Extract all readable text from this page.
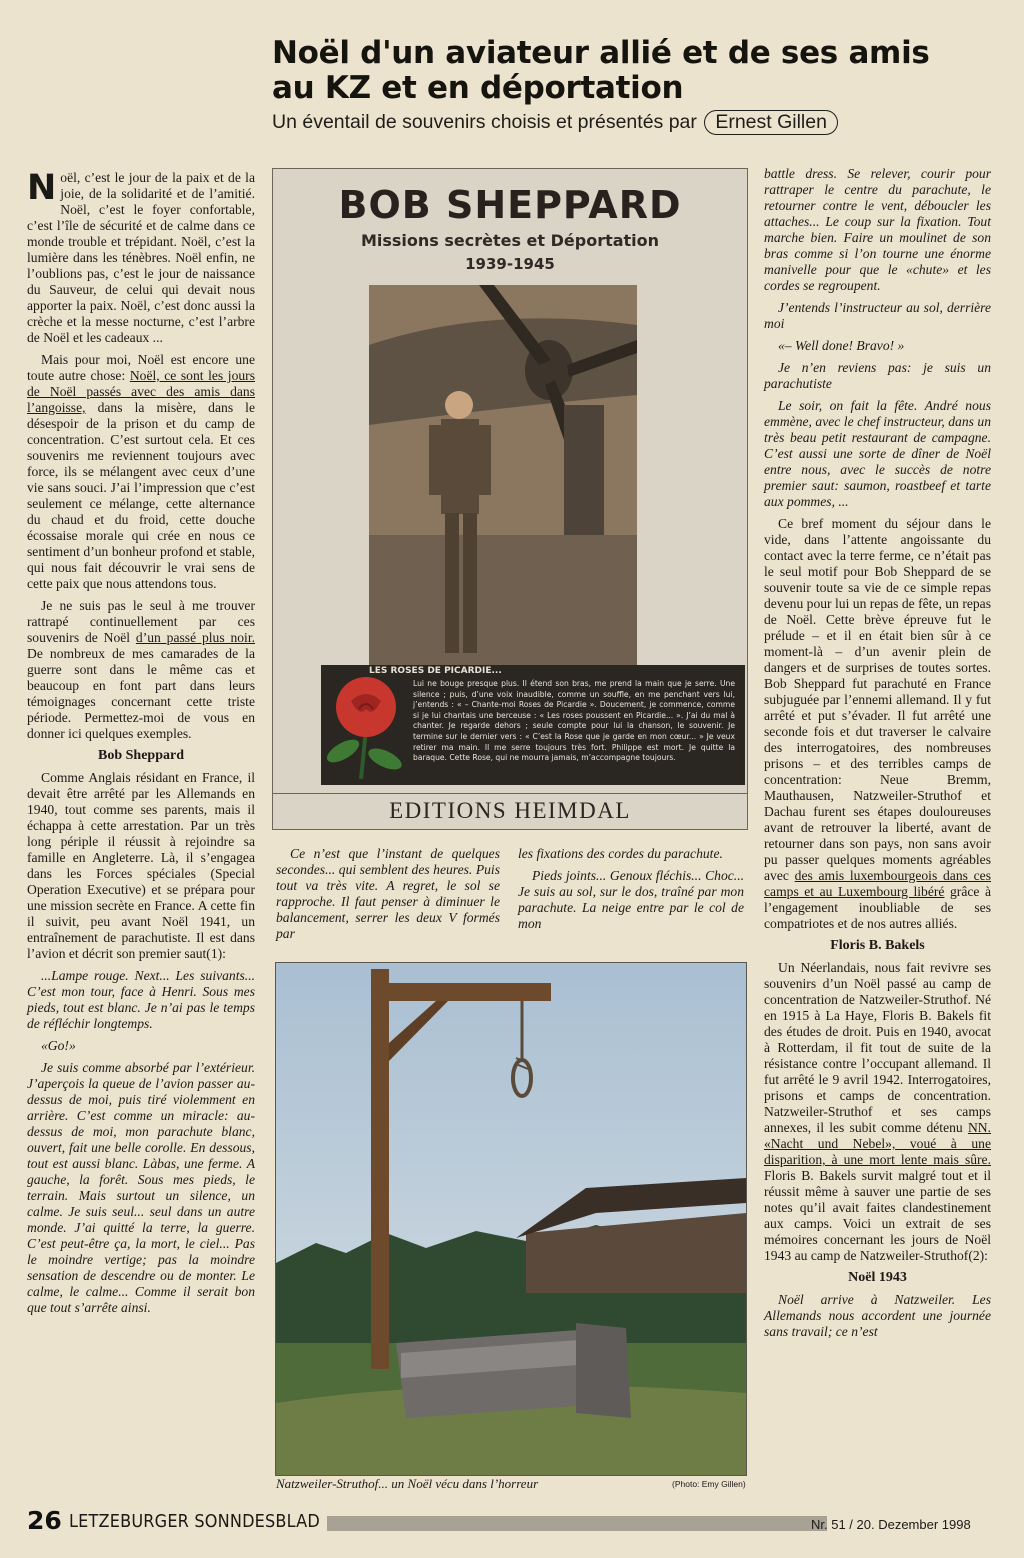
Noël d'un aviateur allié et de ses amis
au KZ et en déportation
Un éventail de souvenirs choisis et présentés par Ernest Gillen

Noël, c’est le jour de la paix et de la joie, de la solidarité et de l’amitié. Noël, c’est le foyer confortable, c’est l’île de sécurité et de calme dans ce monde trouble et trépidant. Noël, c’est la lumière dans les ténèbres. Noël enfin, ne l’oublions pas, c’est le jour de naissance du Sauveur, de celui qui devait nous apporter la paix. Noël, c’est donc aussi la crèche et la messe nocturne, c’est l’arbre de Noël et les cadeaux ...

Mais pour moi, Noël est encore une toute autre chose: Noël, ce sont les jours de Noël passés avec des amis dans l’angoisse, dans la misère, dans le désespoir de la prison et du camp de concentration. C’est surtout cela. Et ces souvenirs me reviennent toujours avec force, ils se mélangent avec ceux d’une vie sans souci. J’ai l’impression que c’est seulement ce mélange, cette alternance du chaud et du froid, cette douche écossaise morale qui crée en nous ce sentiment d’un bonheur profond et stable, qui nous fait découvrir le vrai sens de cette paix que nous attendons tous.

Je ne suis pas le seul à me trouver rattrapé continuellement par ces souvenirs de Noël d’un passé plus noir. De nombreux de mes camarades de la guerre sont dans le même cas et beaucoup en font part dans leurs témoignages concernant cette triste période. Permettez-moi de vous en donner ici quelques exemples.

Bob Sheppard

Comme Anglais résidant en France, il devait être arrêté par les Allemands en 1940, tout comme ses parents, mais il échappa à cette arrestation. Par un très long périple il réussit à rejoindre sa famille en Angleterre. Là, il s’engagea dans les Forces spéciales (Special Operation Executive) et se prépara pour une mission secrète en France. A cette fin il suivit, peu avant Noël 1941, un entraînement de parachutiste. Il est dans l’avion et décrit son premier saut(1):

...Lampe rouge. Next... Les suivants... C’est mon tour, face à Henri. Sous mes pieds, tout est blanc. Je n’ai pas le temps de réfléchir longtemps.

«Go!»

Je suis comme absorbé par l’extérieur. J’aperçois la queue de l’avion passer au-dessus de moi, puis tiré violemment en arrière. C’est comme un miracle: au-dessus de moi, mon parachute blanc, ouvert, fait une belle corolle. En dessous, tout est aussi blanc. Làbas, une ferme. A gauche, la forêt. Sous mes pieds, le terrain. Mais surtout un silence, un calme. Je suis seul... seul dans un autre monde. J’ai quitté la terre, la guerre. C’est peut-être ça, la mort, le ciel... Pas le moindre vertige; pas la moindre sensation de descendre ou de monter. Le calme, le calme... Comme il serait bon que tout s’arrête ainsi.

BOB SHEPPARD
Missions secrètes et Déportation
1939-1945
LES ROSES DE PICARDIE...
Lui ne bouge presque plus. Il étend son bras, me prend la main que je serre. Une silence ; puis, d’une voix inaudible, comme un souffle, en me penchant vers lui, j’entends : « – Chante-moi Roses de Picardie ». Doucement, je commence, comme si je lui chantais une berceuse : « Les roses poussent en Picardie... ». J’ai du mal à chanter. Je regarde dehors ; seule compte pour lui la chanson, le souvenir. Je termine sur le dernier vers : « C’est la Rose que je garde en mon cœur... » Je veux retirer ma main. Il me serre toujours très fort. Philippe est mort. Je quitte la baraque. Cette Rose, qui ne mourra jamais, m’accompagne toujours.
EDITIONS HEIMDAL

Ce n’est que l’instant de quelques secondes... qui semblent des heures. Puis tout va très vite. A regret, le sol se rapproche. Il faut penser à diminuer le balancement, serrer les deux V formés par

les fixations des cordes du parachute.

Pieds joints... Genoux fléchis... Choc... Je suis au sol, sur le dos, traîné par mon parachute. La neige entre par le col de mon

Natzweiler-Struthof... un Noël vécu dans l’horreur	(Photo: Emy Gillen)

battle dress. Se relever, courir pour rattraper le centre du parachute, le retourner contre le vent, déboucler les attaches... Le coup sur la fixation. Tout marche bien. Faire un moulinet de son bras comme si l’on tourne une énorme manivelle pour que le «chute» et les cordes se regroupent.

J’entends l’instructeur au sol, derrière moi

«– Well done! Bravo! »

Je n’en reviens pas: je suis un parachutiste

Le soir, on fait la fête. André nous emmène, avec le chef instructeur, dans un très beau petit restaurant de campagne. C’est aussi une sorte de dîner de Noël entre nous, avec le succès de notre premier saut: saumon, roastbeef et tarte aux pommes, ...

Ce bref moment du séjour dans le vide, dans l’attente angoissante du contact avec la terre ferme, ce n’était pas le seul motif pour Bob Sheppard de se souvenir toute sa vie de ce simple repas devenu pour lui un repas de fête, un repas de Noël. Cette brève épreuve fut le prélude – et il en était bien sûr à ce moment-là – d’un avenir plein de dangers et de surprises de toutes sortes. Bob Sheppard fut parachuté en France subjuguée par l’ennemi allemand. Il y fut arrêté et put s’évader. Il fut arrêté une seconde fois et dut traverser le calvaire des interrogatoires, des nombreuses prisons – et des terribles camps de concentration: Neue Bremm, Mauthausen, Natzweiler-Struthof et Dachau furent ses étapes douloureuses avant de retrouver la liberté, avant de retourner dans son pays, non sans avoir pu passer quelques moments agréables avec des amis luxembourgeois dans ces camps et au Luxembourg libéré grâce à l’engagement inoubliable de ses compatriotes et de nos autres alliés.

Floris B. Bakels

Un Néerlandais, nous fait revivre ses souvenirs d’un Noël passé au camp de concentration de Natzweiler-Struthof. Né en 1915 à La Haye, Floris B. Bakels fit des études de droit. Puis en 1940, avocat à Rotterdam, il fit tout de suite de la résistance contre l’occupant allemand. Il fut arrêté le 9 avril 1942. Interrogatoires, prisons et camps de concentration. Natzweiler-Struthof et ses camps annexes, il les subit comme détenu NN. «Nacht und Nebel», voué à une disparition, à une mort lente mais sûre. Floris B. Bakels survit malgré tout et il réussit même à sauver une partie de ses notes qu’il avait faites clandestinement aux camps. Voici un extrait de ses mémoires concernant les jours de Noël 1943 au camp de Natzweiler-Struthof(2):

Noël 1943

Noël arrive à Natzweiler. Les Allemands nous accordent une journée sans travail; ce n’est

26 LETZEBURGER SONNDESBLAD	Nr. 51 / 20. Dezember 1998
